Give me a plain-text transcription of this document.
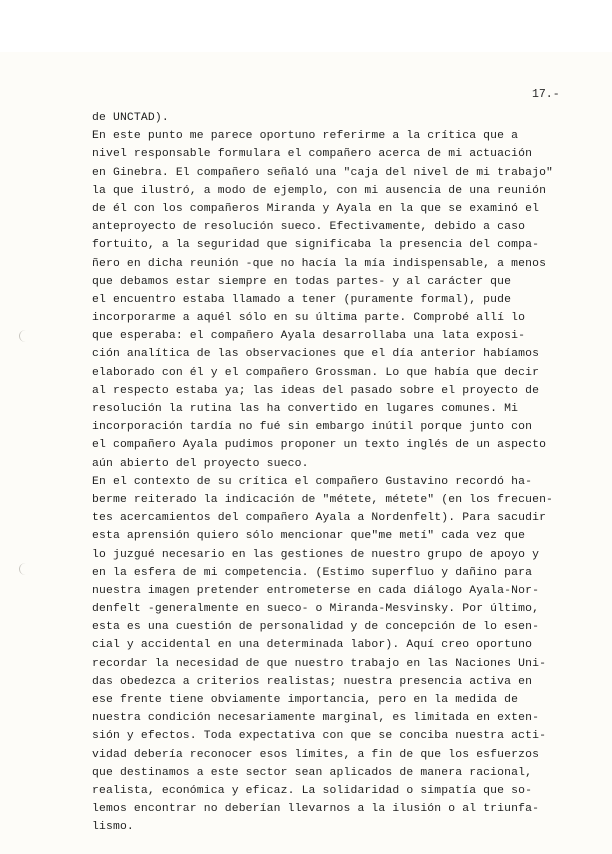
17.-
de UNCTAD).
En este punto me parece oportuno referirme a la crítica que a
nivel responsable formulara el compañero acerca de mi actuación
en Ginebra. El compañero señaló una "caja del nivel de mi trabajo"
la que ilustró, a modo de ejemplo, con mi ausencia de una reunión
de él con los compañeros Miranda y Ayala en la que se examinó el
anteproyecto de resolución sueco. Efectivamente, debido a caso
fortuito, a la seguridad que significaba la presencia del compa-
ñero en dicha reunión -que no hacía la mía indispensable, a menos
que debamos estar siempre en todas partes- y al carácter que
el encuentro estaba llamado a tener (puramente formal), pude
incorporarme a aquél sólo en su última parte. Comprobé allí lo
que esperaba: el compañero Ayala desarrollaba una lata exposi-
ción analítica de las observaciones que el día anterior habíamos
elaborado con él y el compañero Grossman. Lo que había que decir
al respecto estaba ya; las ideas del pasado sobre el proyecto de
resolución la rutina las ha convertido en lugares comunes. Mi
incorporación tardía no fué sin embargo inútil porque junto con
el compañero Ayala pudimos proponer un texto inglés de un aspecto
aún abierto del proyecto sueco.
En el contexto de su crítica el compañero Gustavino recordó ha-
berme reiterado la indicación de "métete, métete" (en los frecuen-
tes acercamientos del compañero Ayala a Nordenfelt). Para sacudir
esta aprensión quiero sólo mencionar que"me metí" cada vez que
lo juzgué necesario en las gestiones de nuestro grupo de apoyo y
en la esfera de mi competencia. (Estimo superfluo y dañino para
nuestra imagen pretender entrometerse en cada diálogo Ayala-Nor-
denfelt -generalmente en sueco- o Miranda-Mesvinsky. Por último,
esta es una cuestión de personalidad y de concepción de lo esen-
cial y accidental en una determinada labor). Aquí creo oportuno
recordar la necesidad de que nuestro trabajo en las Naciones Uni-
das obedezca a criterios realistas; nuestra presencia activa en
ese frente tiene obviamente importancia, pero en la medida de
nuestra condición necesariamente marginal, es limitada en exten-
sión y efectos. Toda expectativa con que se conciba nuestra acti-
vidad debería reconocer esos límites, a fin de que los esfuerzos
que destinamos a este sector sean aplicados de manera racional,
realista, económica y eficaz. La solidaridad o simpatía que so-
lemos encontrar no deberían llevarnos a la ilusión o al triunfa-
lismo.
